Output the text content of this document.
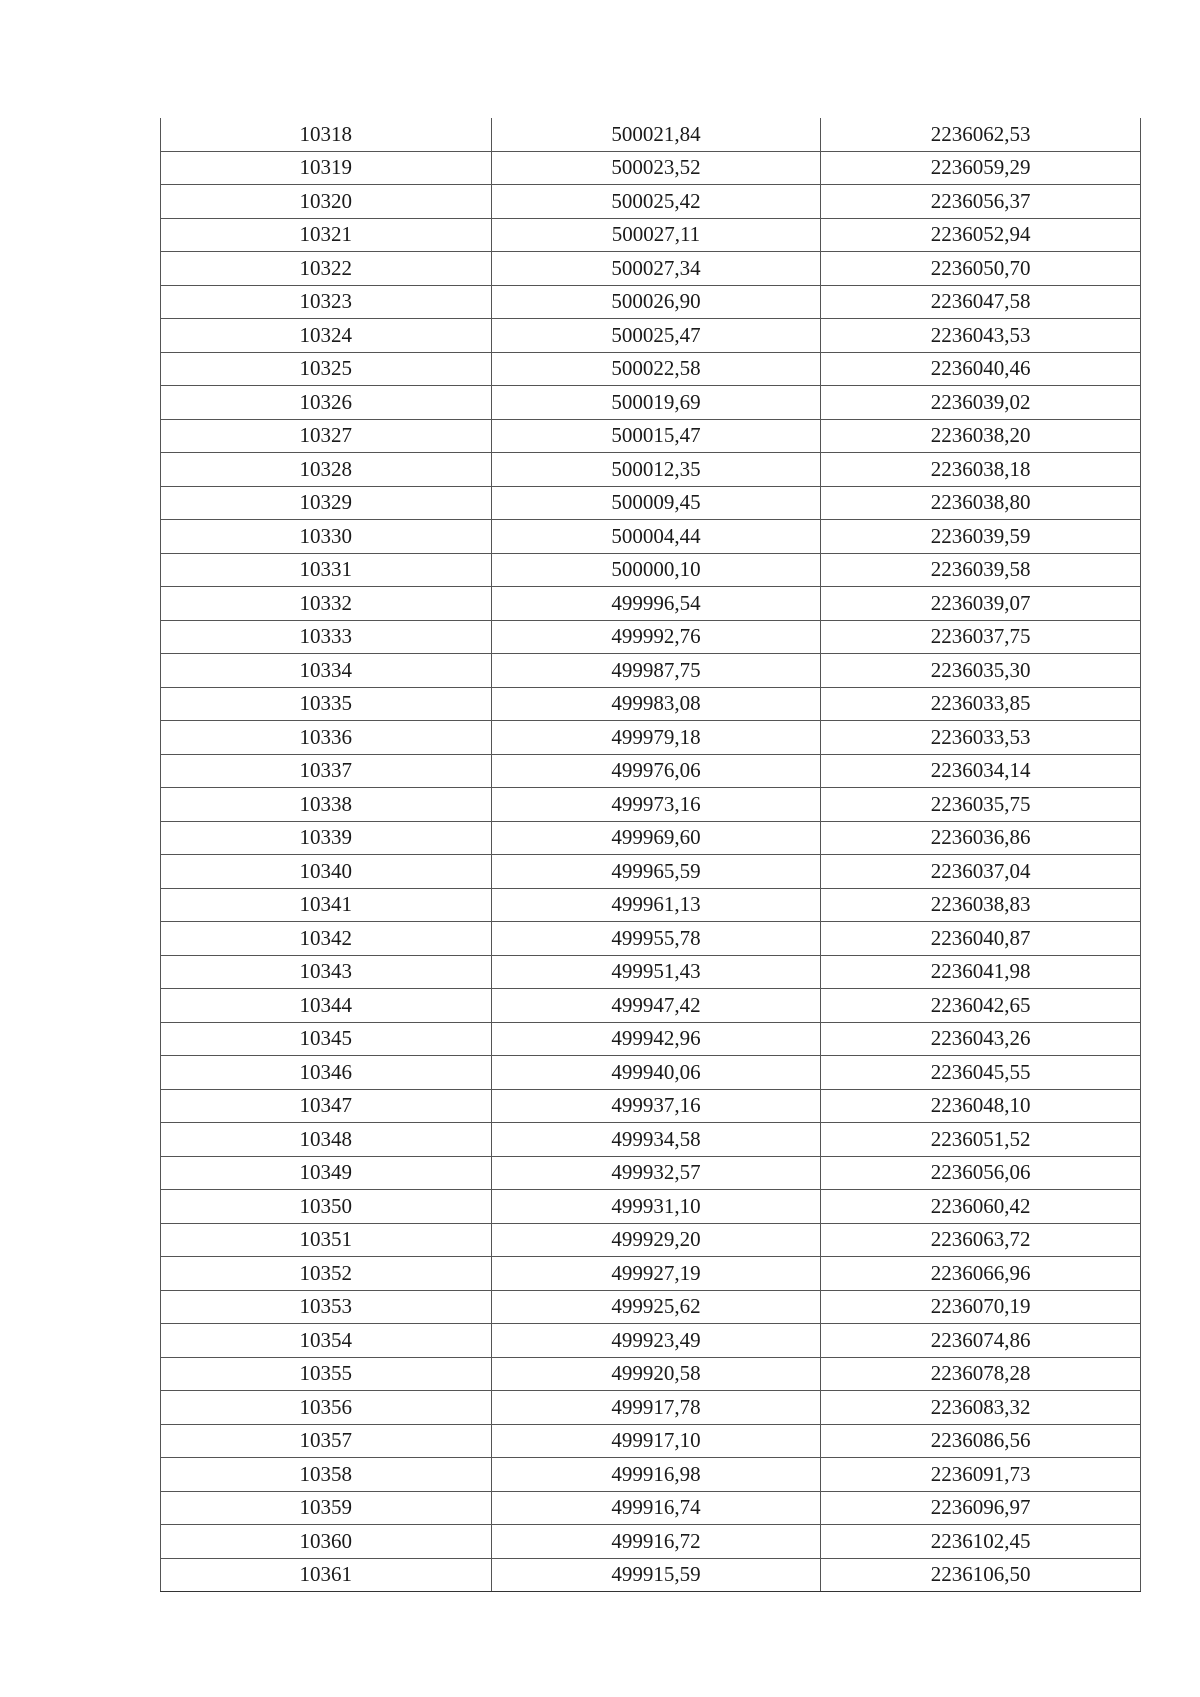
10318	500021,84	2236062,53
10319	500023,52	2236059,29
10320	500025,42	2236056,37
10321	500027,11	2236052,94
10322	500027,34	2236050,70
10323	500026,90	2236047,58
10324	500025,47	2236043,53
10325	500022,58	2236040,46
10326	500019,69	2236039,02
10327	500015,47	2236038,20
10328	500012,35	2236038,18
10329	500009,45	2236038,80
10330	500004,44	2236039,59
10331	500000,10	2236039,58
10332	499996,54	2236039,07
10333	499992,76	2236037,75
10334	499987,75	2236035,30
10335	499983,08	2236033,85
10336	499979,18	2236033,53
10337	499976,06	2236034,14
10338	499973,16	2236035,75
10339	499969,60	2236036,86
10340	499965,59	2236037,04
10341	499961,13	2236038,83
10342	499955,78	2236040,87
10343	499951,43	2236041,98
10344	499947,42	2236042,65
10345	499942,96	2236043,26
10346	499940,06	2236045,55
10347	499937,16	2236048,10
10348	499934,58	2236051,52
10349	499932,57	2236056,06
10350	499931,10	2236060,42
10351	499929,20	2236063,72
10352	499927,19	2236066,96
10353	499925,62	2236070,19
10354	499923,49	2236074,86
10355	499920,58	2236078,28
10356	499917,78	2236083,32
10357	499917,10	2236086,56
10358	499916,98	2236091,73
10359	499916,74	2236096,97
10360	499916,72	2236102,45
10361	499915,59	2236106,50
